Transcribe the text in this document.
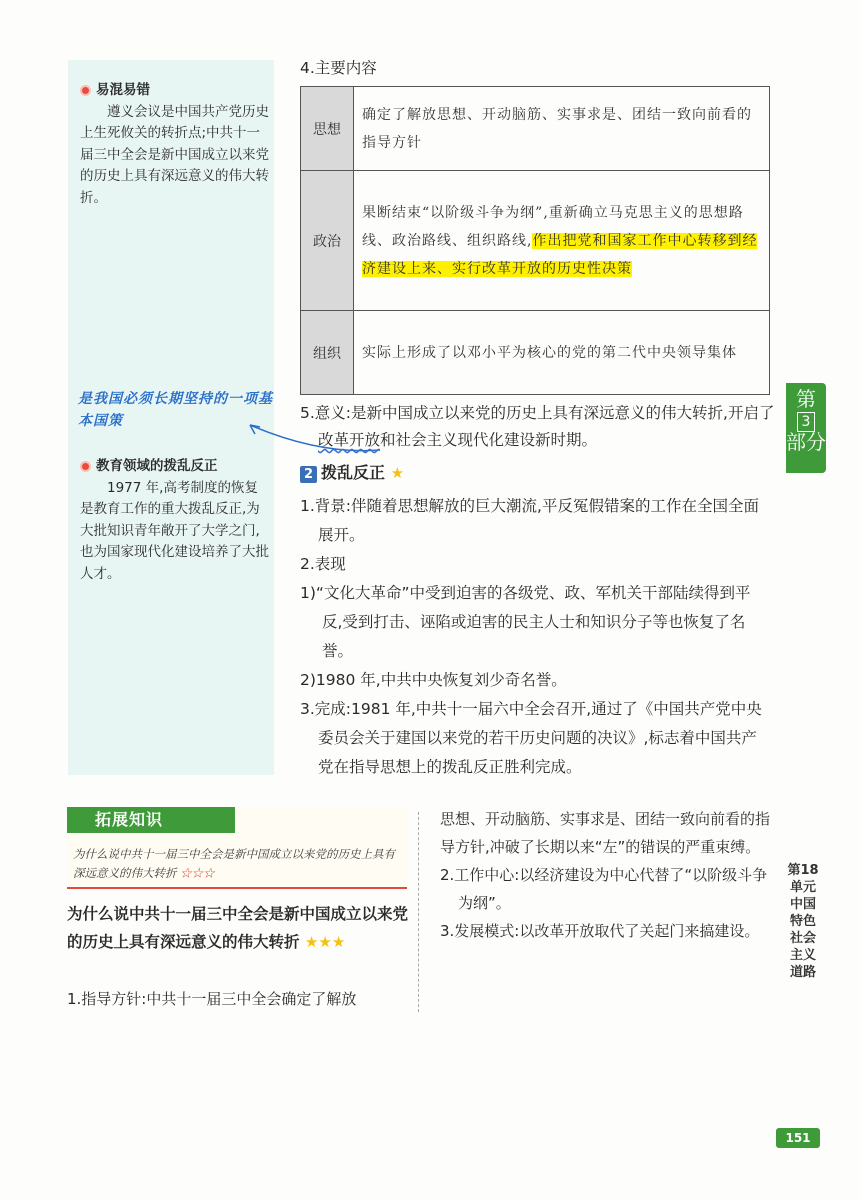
易混易错
遵义会议是中国共产党历史上生死攸关的转折点;中共十一届三中全会是新中国成立以来党的历史上具有深远意义的伟大转折。
是我国必须长期坚持的一项基本国策
教育领域的拨乱反正
1977 年,高考制度的恢复是教育工作的重大拨乱反正,为大批知识青年敞开了大学之门,也为国家现代化建设培养了大批人才。
4.主要内容
思想	确定了解放思想、开动脑筋、实事求是、团结一致向前看的指导方针
政治	果断结束“以阶级斗争为纲”,重新确立马克思主义的思想路线、政治路线、组织路线,作出把党和国家工作中心转移到经济建设上来、实行改革开放的历史性决策
组织	实际上形成了以邓小平为核心的党的第二代中央领导集体
5.意义:是新中国成立以来党的历史上具有深远意义的伟大转折,开启了改革开放和社会主义现代化建设新时期。
2 拨乱反正 ★
1.背景:伴随着思想解放的巨大潮流,平反冤假错案的工作在全国全面展开。
2.表现
1)“文化大革命”中受到迫害的各级党、政、军机关干部陆续得到平反,受到打击、诬陷或迫害的民主人士和知识分子等也恢复了名誉。
2)1980 年,中共中央恢复刘少奇名誉。
3.完成:1981 年,中共十一届六中全会召开,通过了《中国共产党中央委员会关于建国以来党的若干历史问题的决议》,标志着中国共产党在指导思想上的拨乱反正胜利完成。
拓展知识
为什么说中共十一届三中全会是新中国成立以来党的历史上具有深远意义的伟大转折 ☆☆☆
为什么说中共十一届三中全会是新中国成立以来党的历史上具有深远意义的伟大转折 ★★★
1.指导方针:中共十一届三中全会确定了解放
思想、开动脑筋、实事求是、团结一致向前看的指导方针,冲破了长期以来“左”的错误的严重束缚。
2.工作中心:以经济建设为中心代替了“以阶级斗争为纲”。
3.发展模式:以改革开放取代了关起门来搞建设。
第
3
部分
第18单元 中国特色社会主义道路
151
